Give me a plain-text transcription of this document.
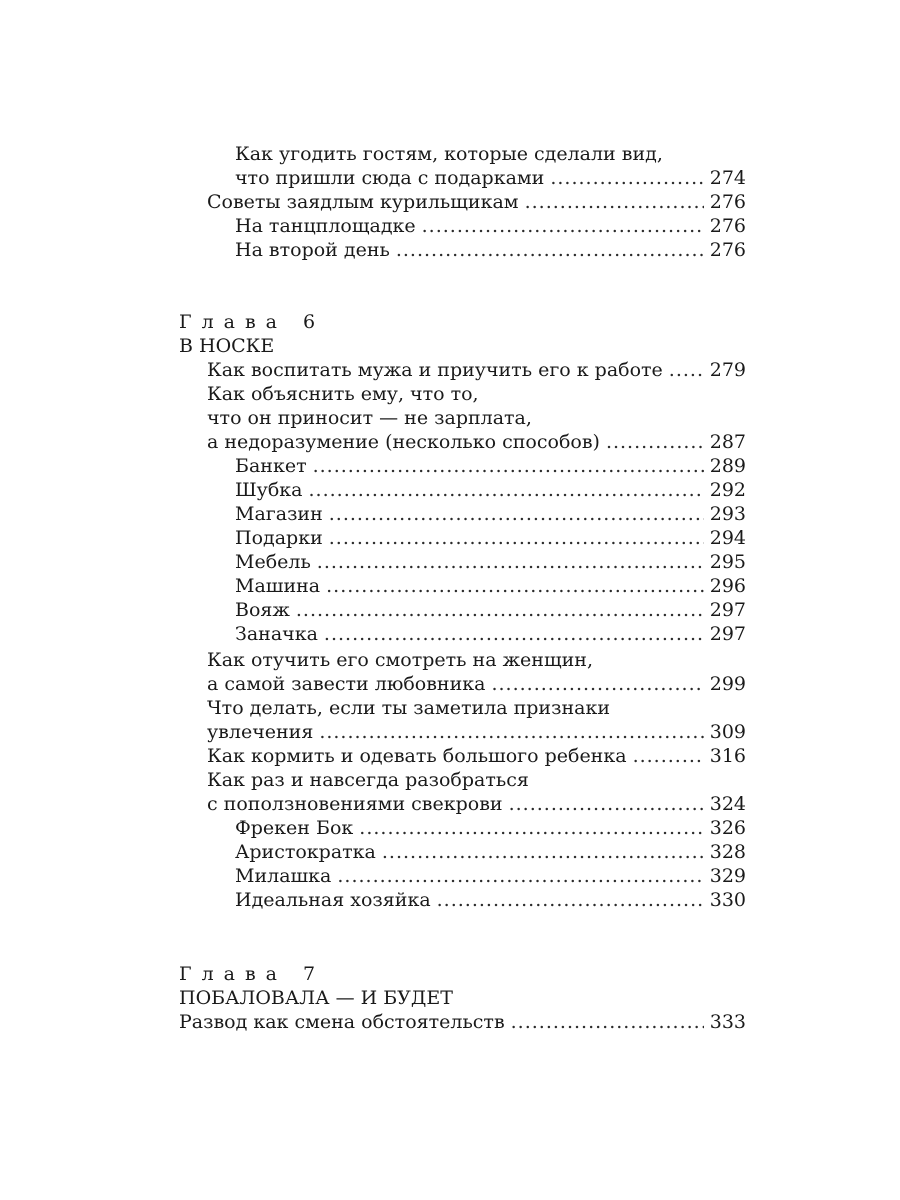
Как угодить гостям, которые сделали вид,
что пришли сюда с подарками .....	274
Советы заядлым курильщикам .....	276
На танцплощадке .....	276
На второй день .....	276
Глава 6
В НОСКЕ
Как воспитать мужа и приучить его к работе ..... 279
Как объяснить ему, что то,
что он приносит — не зарплата,
а недоразумение (несколько способов) .....	287
Банкет .....	289
Шубка .....	292
Магазин .....	293
Подарки .....	294
Мебель .....	295
Машина .....	296
Вояж .....	297
Заначка .....	297
Как отучить его смотреть на женщин,
а самой завести любовника .....	299
Что делать, если ты заметила признаки
увлечения .....	309
Как кормить и одевать большого ребенка .....	316
Как раз и навсегда разобраться
с поползновениями свекрови .....	324
Фрекен Бок .....	326
Аристократка .....	328
Милашка .....	329
Идеальная хозяйка .....	330
Глава 7
ПОБАЛОВАЛА — И БУДЕТ
Развод как смена обстоятельств .....	333
